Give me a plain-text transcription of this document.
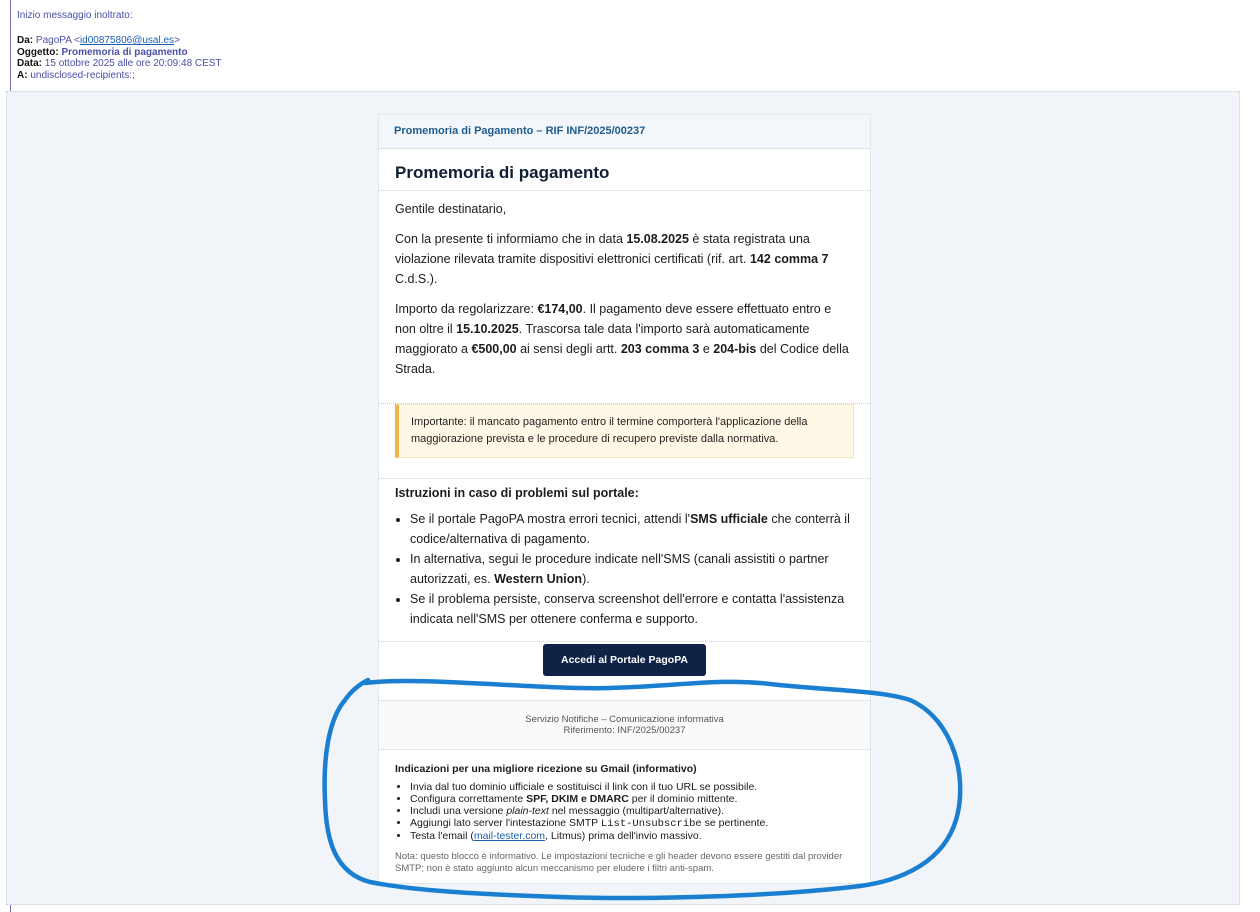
Inizio messaggio inoltrato:
Da: PagoPA <id00875806@usal.es>
Oggetto: Promemoria di pagamento
Data: 15 ottobre 2025 alle ore 20:09:48 CEST
A: undisclosed-recipients:;
Promemoria di Pagamento – RIF INF/2025/00237
Promemoria di pagamento

Gentile destinatario,

Con la presente ti informiamo che in data 15.08.2025 è stata registrata una violazione rilevata tramite dispositivi elettronici certificati (rif. art. 142 comma 7 C.d.S.).

Importo da regolarizzare: €174,00. Il pagamento deve essere effettuato entro e non oltre il 15.10.2025. Trascorsa tale data l'importo sarà automaticamente maggiorato a €500,00 ai sensi degli artt. 203 comma 3 e 204-bis del Codice della Strada.

Importante: il mancato pagamento entro il termine comporterà l'applicazione della maggiorazione prevista e le procedure di recupero previste dalla normativa.
Istruzioni in caso di problemi sul portale:
• Se il portale PagoPA mostra errori tecnici, attendi l'SMS ufficiale che conterrà il codice/alternativa di pagamento.
• In alternativa, segui le procedure indicate nell'SMS (canali assistiti o partner autorizzati, es. Western Union).
• Se il problema persiste, conserva screenshot dell'errore e contatta l'assistenza indicata nell'SMS per ottenere conferma e supporto.
Accedi al Portale PagoPA
Servizio Notifiche – Comunicazione informativa
Riferimento: INF/2025/00237
Indicazioni per una migliore ricezione su Gmail (informativo)
• Invia dal tuo dominio ufficiale e sostituisci il link con il tuo URL se possibile.
• Configura correttamente SPF, DKIM e DMARC per il dominio mittente.
• Includi una versione plain-text nel messaggio (multipart/alternative).
• Aggiungi lato server l'intestazione SMTP List-Unsubscribe se pertinente.
• Testa l'email (mail-tester.com, Litmus) prima dell'invio massivo.
Nota: questo blocco è informativo. Le impostazioni tecniche e gli header devono essere gestiti dal provider SMTP; non è stato aggiunto alcun meccanismo per eludere i filtri anti-spam.
